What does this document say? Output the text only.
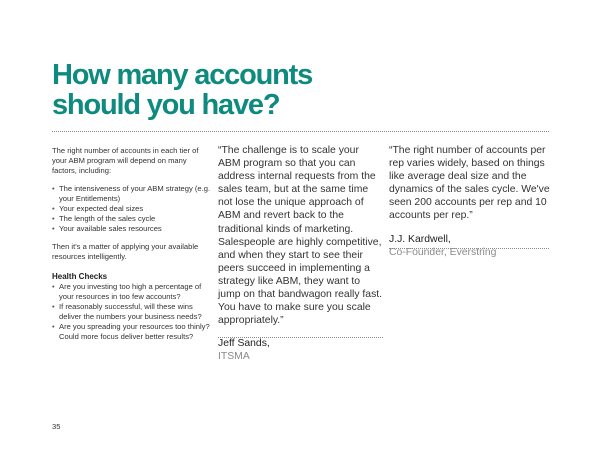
How many accounts
should you have?

The right number of accounts in each tier of your ABM program will depend on many factors, including:

• The intensiveness of your ABM strategy (e.g. your Entitlements)
• Your expected deal sizes
• The length of the sales cycle
• Your available sales resources

Then it's a matter of applying your available resources intelligently.

Health Checks

• Are you investing too high a percentage of your resources in too few accounts?
• If reasonably successful, will these wins deliver the numbers your business needs?
• Are you spreading your resources too thinly? Could more focus deliver better results?

“The challenge is to scale your ABM program so that you can address internal requests from the sales team, but at the same time not lose the unique approach of ABM and revert back to the traditional kinds of marketing. Salespeople are highly competitive, and when they start to see their peers succeed in implementing a strategy like ABM, they want to jump on that bandwagon really fast. You have to make sure you scale appropriately.”

Jeff Sands,

ITSMA

“The right number of accounts per rep varies widely, based on things like average deal size and the dynamics of the sales cycle. We've seen 200 accounts per rep and 10 accounts per rep.”

J.J. Kardwell,

Co-Founder, Everstring

35
